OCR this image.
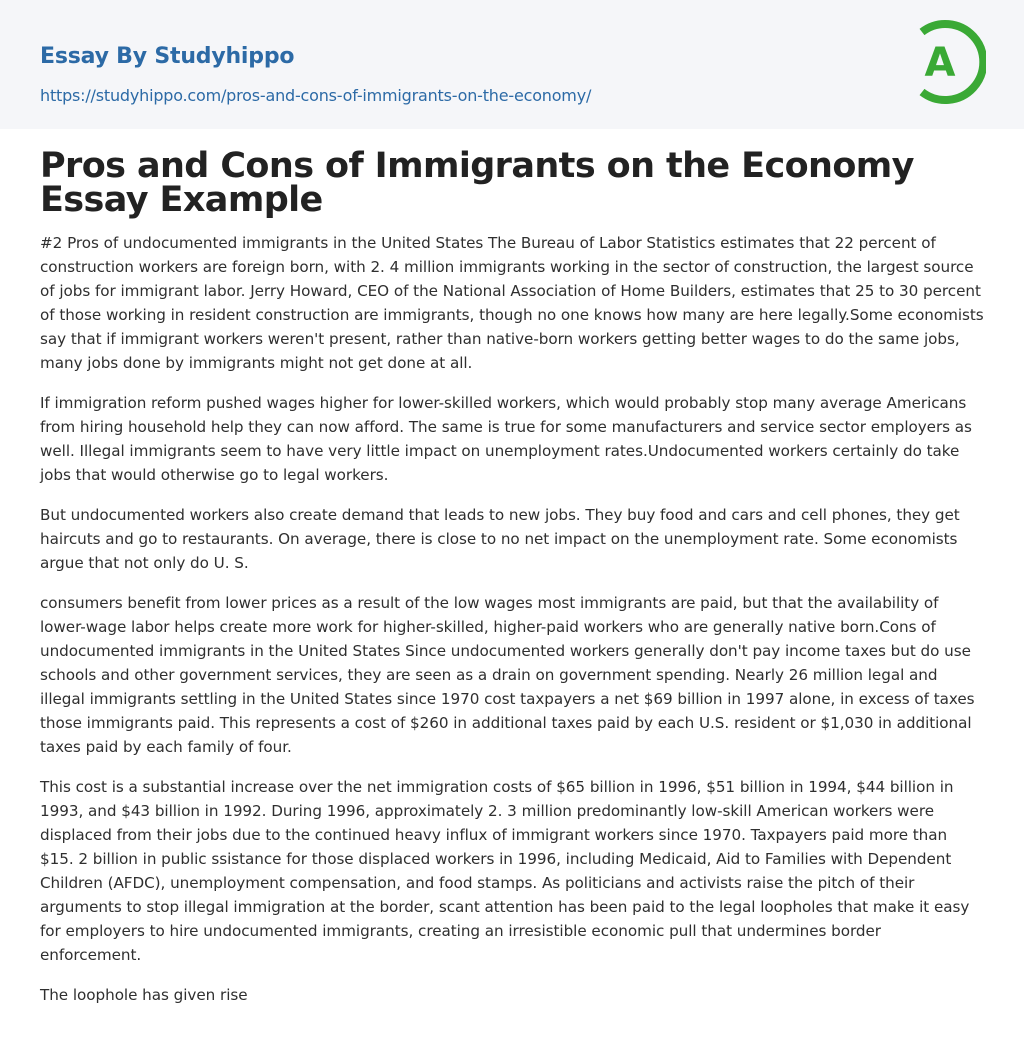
Essay By Studyhippo
https://studyhippo.com/pros-and-cons-of-immigrants-on-the-economy/
A
Pros and Cons of Immigrants on the Economy Essay Example

#2 Pros of undocumented immigrants in the United States The Bureau of Labor Statistics estimates that 22 percent of construction workers are foreign born, with 2. 4 million immigrants working in the sector of construction, the largest source of jobs for immigrant labor. Jerry Howard, CEO of the National Association of Home Builders, estimates that 25 to 30 percent of those working in resident construction are immigrants, though no one knows how many are here legally.Some economists say that if immigrant workers weren't present, rather than native-born workers getting better wages to do the same jobs, many jobs done by immigrants might not get done at all.

If immigration reform pushed wages higher for lower-skilled workers, which would probably stop many average Americans from hiring household help they can now afford. The same is true for some manufacturers and service sector employers as well. Illegal immigrants seem to have very little impact on unemployment rates.Undocumented workers certainly do take jobs that would otherwise go to legal workers.

But undocumented workers also create demand that leads to new jobs. They buy food and cars and cell phones, they get haircuts and go to restaurants. On average, there is close to no net impact on the unemployment rate. Some economists argue that not only do U. S.

consumers benefit from lower prices as a result of the low wages most immigrants are paid, but that the availability of lower-wage labor helps create more work for higher-skilled, higher-paid workers who are generally native born.Cons of undocumented immigrants in the United States Since undocumented workers generally don't pay income taxes but do use schools and other government services, they are seen as a drain on government spending. Nearly 26 million legal and illegal immigrants settling in the United States since 1970 cost taxpayers a net $69 billion in 1997 alone, in excess of taxes those immigrants paid. This represents a cost of $260 in additional taxes paid by each U.S. resident or $1,030 in additional taxes paid by each family of four.

This cost is a substantial increase over the net immigration costs of $65 billion in 1996, $51 billion in 1994, $44 billion in 1993, and $43 billion in 1992. During 1996, approximately 2. 3 million predominantly low-skill American workers were displaced from their jobs due to the continued heavy influx of immigrant workers since 1970. Taxpayers paid more than $15. 2 billion in public ssistance for those displaced workers in 1996, including Medicaid, Aid to Families with Dependent Children (AFDC), unemployment compensation, and food stamps. As politicians and activists raise the pitch of their arguments to stop illegal immigration at the border, scant attention has been paid to the legal loopholes that make it easy for employers to hire undocumented immigrants, creating an irresistible economic pull that undermines border enforcement.

The loophole has given rise
